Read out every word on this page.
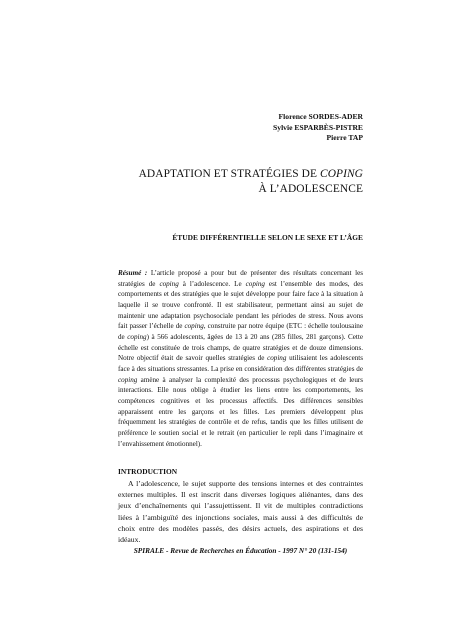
Florence SORDES-ADER
Sylvie ESPARBÈS-PISTRE
Pierre TAP
ADAPTATION ET STRATÉGIES DE COPING
À L’ADOLESCENCE
ÉTUDE DIFFÉRENTIELLE SELON LE SEXE ET L’ÂGE

Résumé : L’article proposé a pour but de présenter des résultats concernant les stratégies de coping à l’adolescence. Le coping est l’ensemble des modes, des comportements et des stratégies que le sujet développe pour faire face à la situation à laquelle il se trouve confronté. Il est stabilisateur, permettant ainsi au sujet de maintenir une adaptation psychosociale pendant les périodes de stress. Nous avons fait passer l’échelle de coping, construite par notre équipe (ETC : échelle toulousaine de coping) à 566 adolescents, âgées de 13 à 20 ans (285 filles, 281 garçons). Cette échelle est constituée de trois champs, de quatre stratégies et de douze dimensions. Notre objectif était de savoir quelles stratégies de coping utilisaient les adolescents face à des situations stressantes. La prise en considération des différentes stratégies de coping amène à analyser la complexité des processus psychologiques et de leurs interactions. Elle nous oblige à étudier les liens entre les comportements, les compétences cognitives et les processus affectifs. Des différences sensibles apparaissent entre les garçons et les filles. Les premiers développent plus fréquemment les stratégies de contrôle et de refus, tandis que les filles utilisent de préférence le soutien social et le retrait (en particulier le repli dans l’imaginaire et l’envahissement émotionnel).

INTRODUCTION

A l’adolescence, le sujet supporte des tensions internes et des contraintes externes multiples. Il est inscrit dans diverses logiques aliénantes, dans des jeux d’enchaînements qui l’assujettissent. Il vit de multiples contradictions liées à l’ambiguïté des injonctions sociales, mais aussi à des difficultés de choix entre des modèles passés, des désirs actuels, des aspirations et des idéaux.

SPIRALE - Revue de Recherches en Éducation - 1997 N° 20 (131-154)
